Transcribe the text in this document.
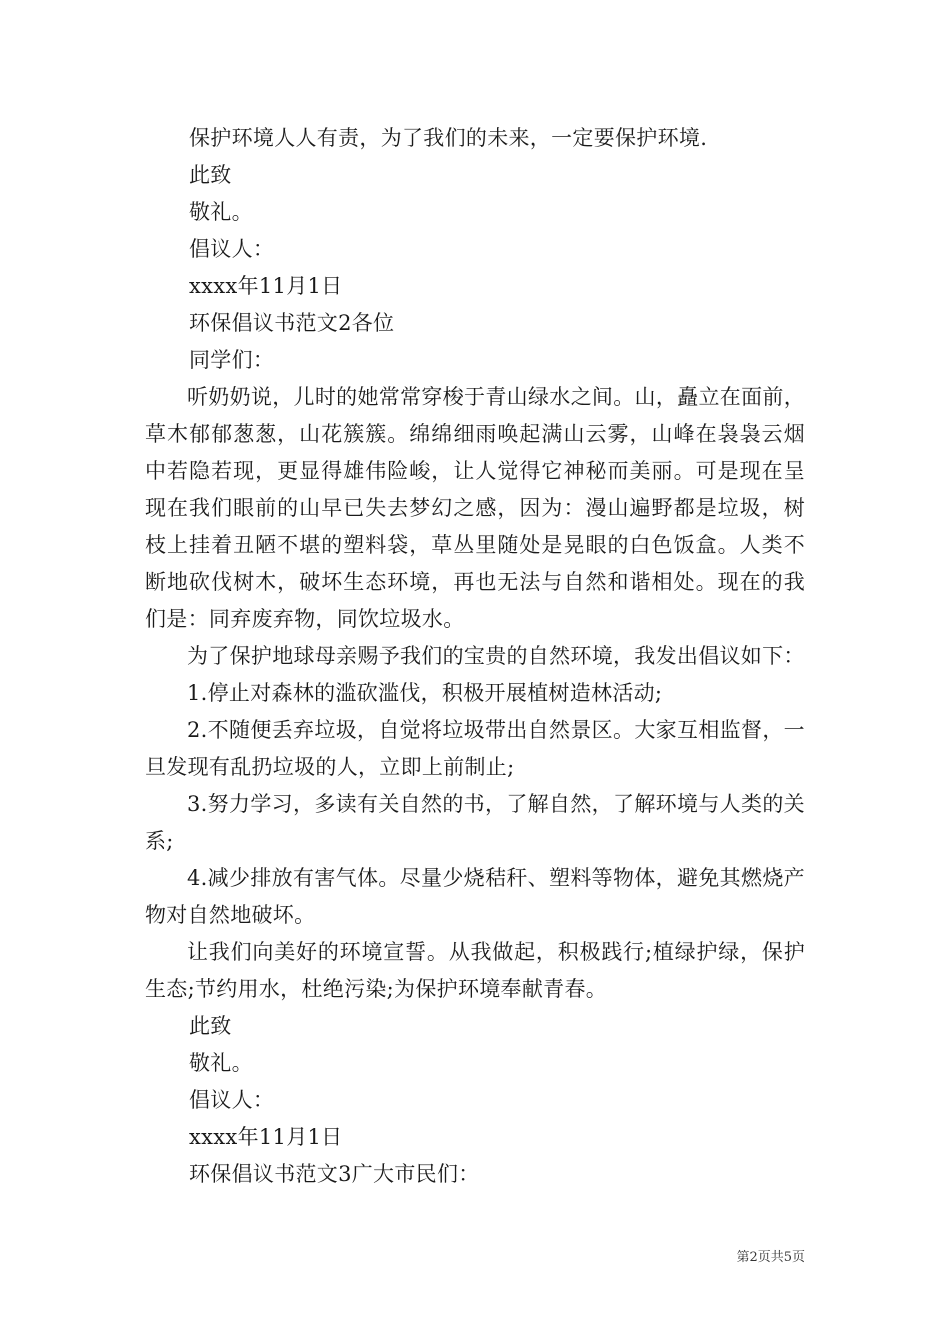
保护环境人人有责，为了我们的未来，一定要保护环境.
此致
敬礼。
倡议人：
xxxx年11月1日
环保倡议书范文2各位
同学们：

听奶奶说，儿时的她常常穿梭于青山绿水之间。山，矗立在面前，草木郁郁葱葱，山花簇簇。绵绵细雨唤起满山云雾，山峰在袅袅云烟中若隐若现，更显得雄伟险峻，让人觉得它神秘而美丽。可是现在呈现在我们眼前的山早已失去梦幻之感，因为：漫山遍野都是垃圾，树枝上挂着丑陋不堪的塑料袋，草丛里随处是晃眼的白色饭盒。人类不断地砍伐树木，破坏生态环境，再也无法与自然和谐相处。现在的我们是：同弃废弃物，同饮垃圾水。

为了保护地球母亲赐予我们的宝贵的自然环境，我发出倡议如下：

1.停止对森林的滥砍滥伐，积极开展植树造林活动;

2.不随便丢弃垃圾，自觉将垃圾带出自然景区。大家互相监督，一旦发现有乱扔垃圾的人，立即上前制止;

3.努力学习，多读有关自然的书，了解自然，了解环境与人类的关系;

4.减少排放有害气体。尽量少烧秸秆、塑料等物体，避免其燃烧产物对自然地破坏。

让我们向美好的环境宣誓。从我做起，积极践行;植绿护绿，保护生态;节约用水，杜绝污染;为保护环境奉献青春。

此致
敬礼。
倡议人：
xxxx年11月1日
环保倡议书范文3广大市民们：
第2页共5页
